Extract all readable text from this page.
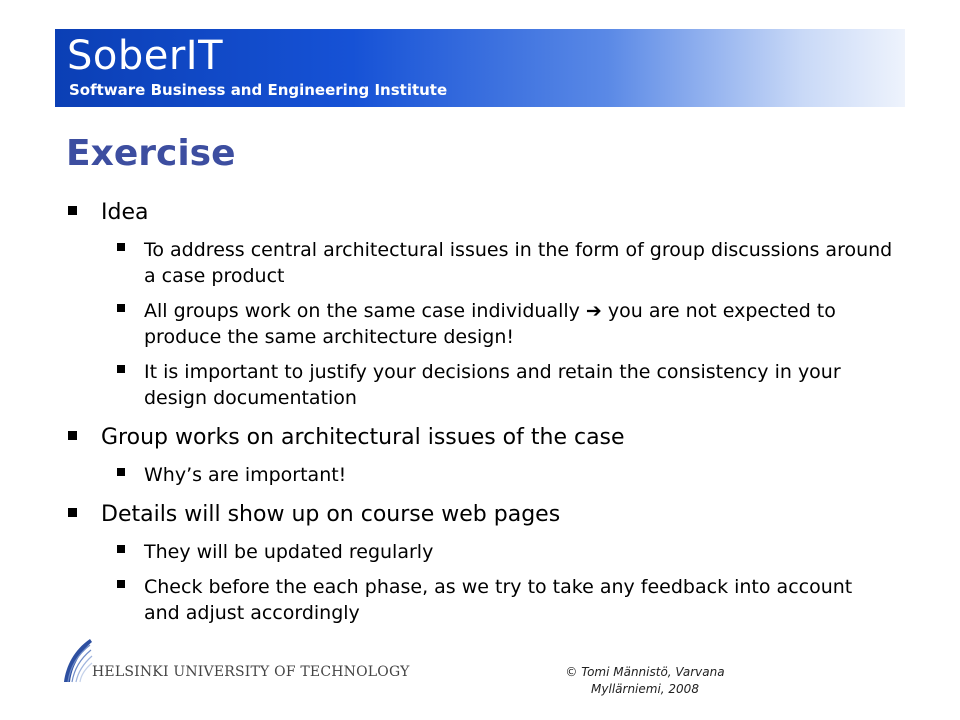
SoberIT
Software Business and Engineering Institute
Exercise
Idea
To address central architectural issues in the form of group discussions around a case product
All groups work on the same case individually ➔ you are not expected to produce the same architecture design!
It is important to justify your decisions and retain the consistency in your design documentation
Group works on architectural issues of the case
Why’s are important!
Details will show up on course web pages
They will be updated regularly
Check before the each phase, as we try to take any feedback into account and adjust accordingly
HELSINKI UNIVERSITY OF TECHNOLOGY	© Tomi Männistö, Varvana
Myllärniemi, 2008
